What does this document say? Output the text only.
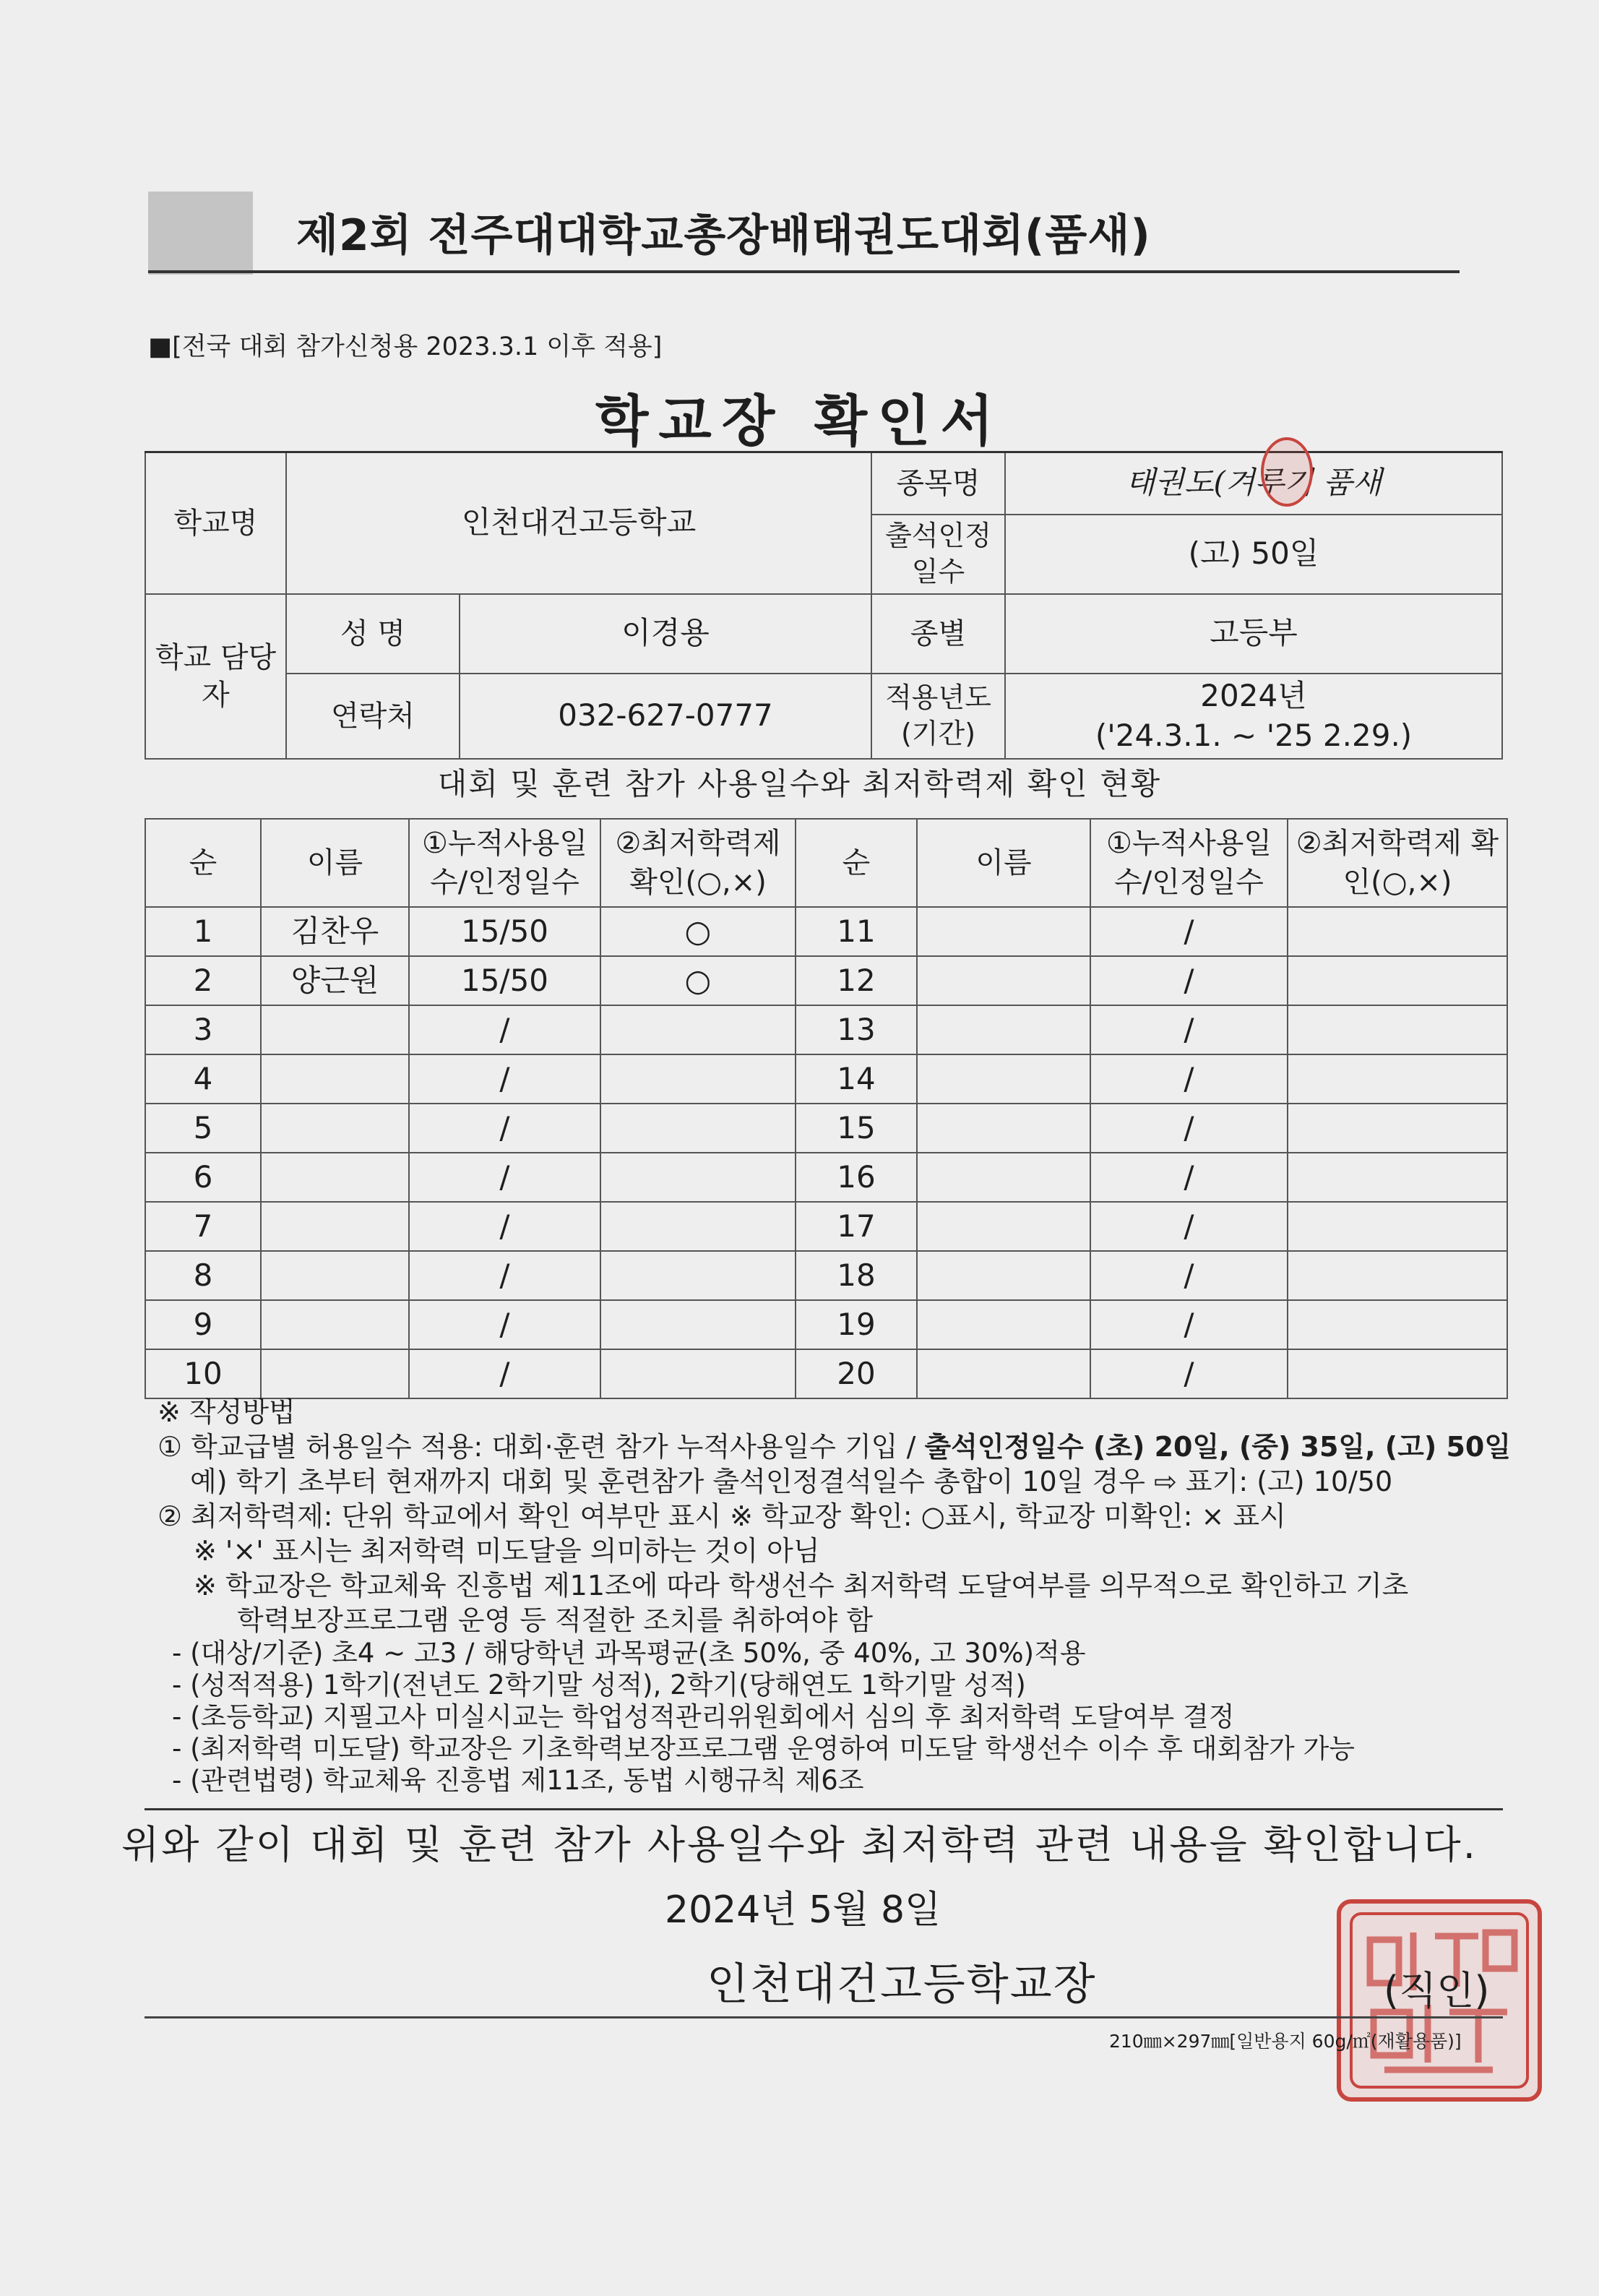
제2회 전주대대학교총장배태권도대회(품새)
■[전국 대회 참가신청용 2023.3.1 이후 적용]
학교장 확인서
학교명	인천대건고등학교		종목명	태권도(겨루기 품새
			출석인정일수	(고) 50일
학교 담당자	성 명	이경용	종별	고등부
	연락처	032-627-0777	적용년도 (기간)	2024년
('24.3.1. ~ '25 2.29.)
대회 및 훈련 참가 사용일수와 최저학력제 확인 현황
순	이름	①누적사용일수/인정일수	②최저학력제 확인(○,×)	순	이름	①누적사용일수/인정일수	②최저학력제 확인(○,×)
1	김찬우	15/50	○	11		/	
2	양근원	15/50	○	12		/	
3		/		13		/	
4		/		14		/	
5		/		15		/	
6		/		16		/	
7		/		17		/	
8		/		18		/	
9		/		19		/	
10		/		20		/	
※ 작성방법
① 학교급별 허용일수 적용: 대회·훈련 참가 누적사용일수 기입 / 출석인정일수 (초) 20일, (중) 35일, (고) 50일
예) 학기 초부터 현재까지 대회 및 훈련참가 출석인정결석일수 총합이 10일 경우 ⇨ 표기: (고) 10/50
② 최저학력제: 단위 학교에서 확인 여부만 표시 ※ 학교장 확인: ○표시, 학교장 미확인: × 표시
※ '×' 표시는 최저학력 미도달을 의미하는 것이 아님
※ 학교장은 학교체육 진흥법 제11조에 따라 학생선수 최저학력 도달여부를 의무적으로 확인하고 기초
학력보장프로그램 운영 등 적절한 조치를 취하여야 함
- (대상/기준) 초4 ~ 고3 / 해당학년 과목평균(초 50%, 중 40%, 고 30%)적용
- (성적적용) 1학기(전년도 2학기말 성적), 2학기(당해연도 1학기말 성적)
- (초등학교) 지필고사 미실시교는 학업성적관리위원회에서 심의 후 최저학력 도달여부 결정
- (최저학력 미도달) 학교장은 기초학력보장프로그램 운영하여 미도달 학생선수 이수 후 대회참가 가능
- (관련법령) 학교체육 진흥법 제11조, 동법 시행규칙 제6조
위와 같이 대회 및 훈련 참가 사용일수와 최저학력 관련 내용을 확인합니다.
2024년 5월 8일
인천대건고등학교장	(직인)
210㎜×297㎜[일반용지 60g/㎡(재활용품)]
